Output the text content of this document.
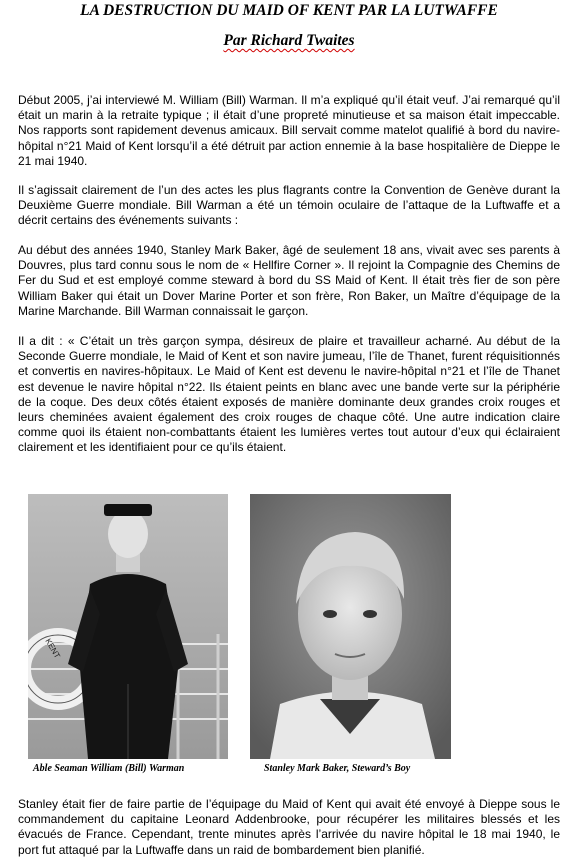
LA DESTRUCTION DU MAID OF KENT PAR LA LUTWAFFE
Par Richard Twaites

Début 2005, j’ai interviewé M. William (Bill) Warman. Il m’a expliqué qu’il était veuf. J’ai remarqué qu’il était un marin à la retraite typique ; il était d’une propreté minutieuse et sa maison était impeccable. Nos rapports sont rapidement devenus amicaux. Bill servait comme matelot qualifié à bord du navire-hôpital n°21 Maid of Kent lorsqu’il a été détruit par action ennemie à la base hospitalière de Dieppe le 21 mai 1940.

Il s’agissait clairement de l’un des actes les plus flagrants contre la Convention de Genève durant la Deuxième Guerre mondiale. Bill Warman a été un témoin oculaire de l’attaque de la Luftwaffe et a décrit certains des événements suivants :

Au début des années 1940, Stanley Mark Baker, âgé de seulement 18 ans, vivait avec ses parents à Douvres, plus tard connu sous le nom de « Hellfire Corner ». Il rejoint la Compagnie des Chemins de Fer du Sud et est employé comme steward à bord du SS Maid of Kent. Il était très fier de son père William Baker qui était un Dover Marine Porter et son frère, Ron Baker, un Maître d’équipage de la Marine Marchande. Bill Warman connaissait le garçon.

Il a dit : « C’était un très garçon sympa, désireux de plaire et travailleur acharné. Au début de la Seconde Guerre mondiale, le Maid of Kent et son navire jumeau, l’île de Thanet, furent réquisitionnés et convertis en navires-hôpitaux. Le Maid of Kent est devenu le navire-hôpital n°21 et l’île de Thanet est devenue le navire hôpital n°22. Ils étaient peints en blanc avec une bande verte sur la périphérie de la coque. Des deux côtés étaient exposés de manière dominante deux grandes croix rouges et leurs cheminées avaient également des croix rouges de chaque côté. Une autre indication claire comme quoi ils étaient non-combattants étaient les lumières vertes tout autour d’eux qui éclairaient clairement et les identifiaient pour ce qu’ils étaient.

KENT
Able Seaman William (Bill) Warman	Stanley Mark Baker, Steward’s Boy

Stanley était fier de faire partie de l’équipage du Maid of Kent qui avait été envoyé à Dieppe sous le commandement du capitaine Leonard Addenbrooke, pour récupérer les militaires blessés et les évacués de France. Cependant, trente minutes après l’arrivée du navire hôpital le 18 mai 1940, le port fut attaqué par la Luftwaffe dans un raid de bombardement bien planifié.
